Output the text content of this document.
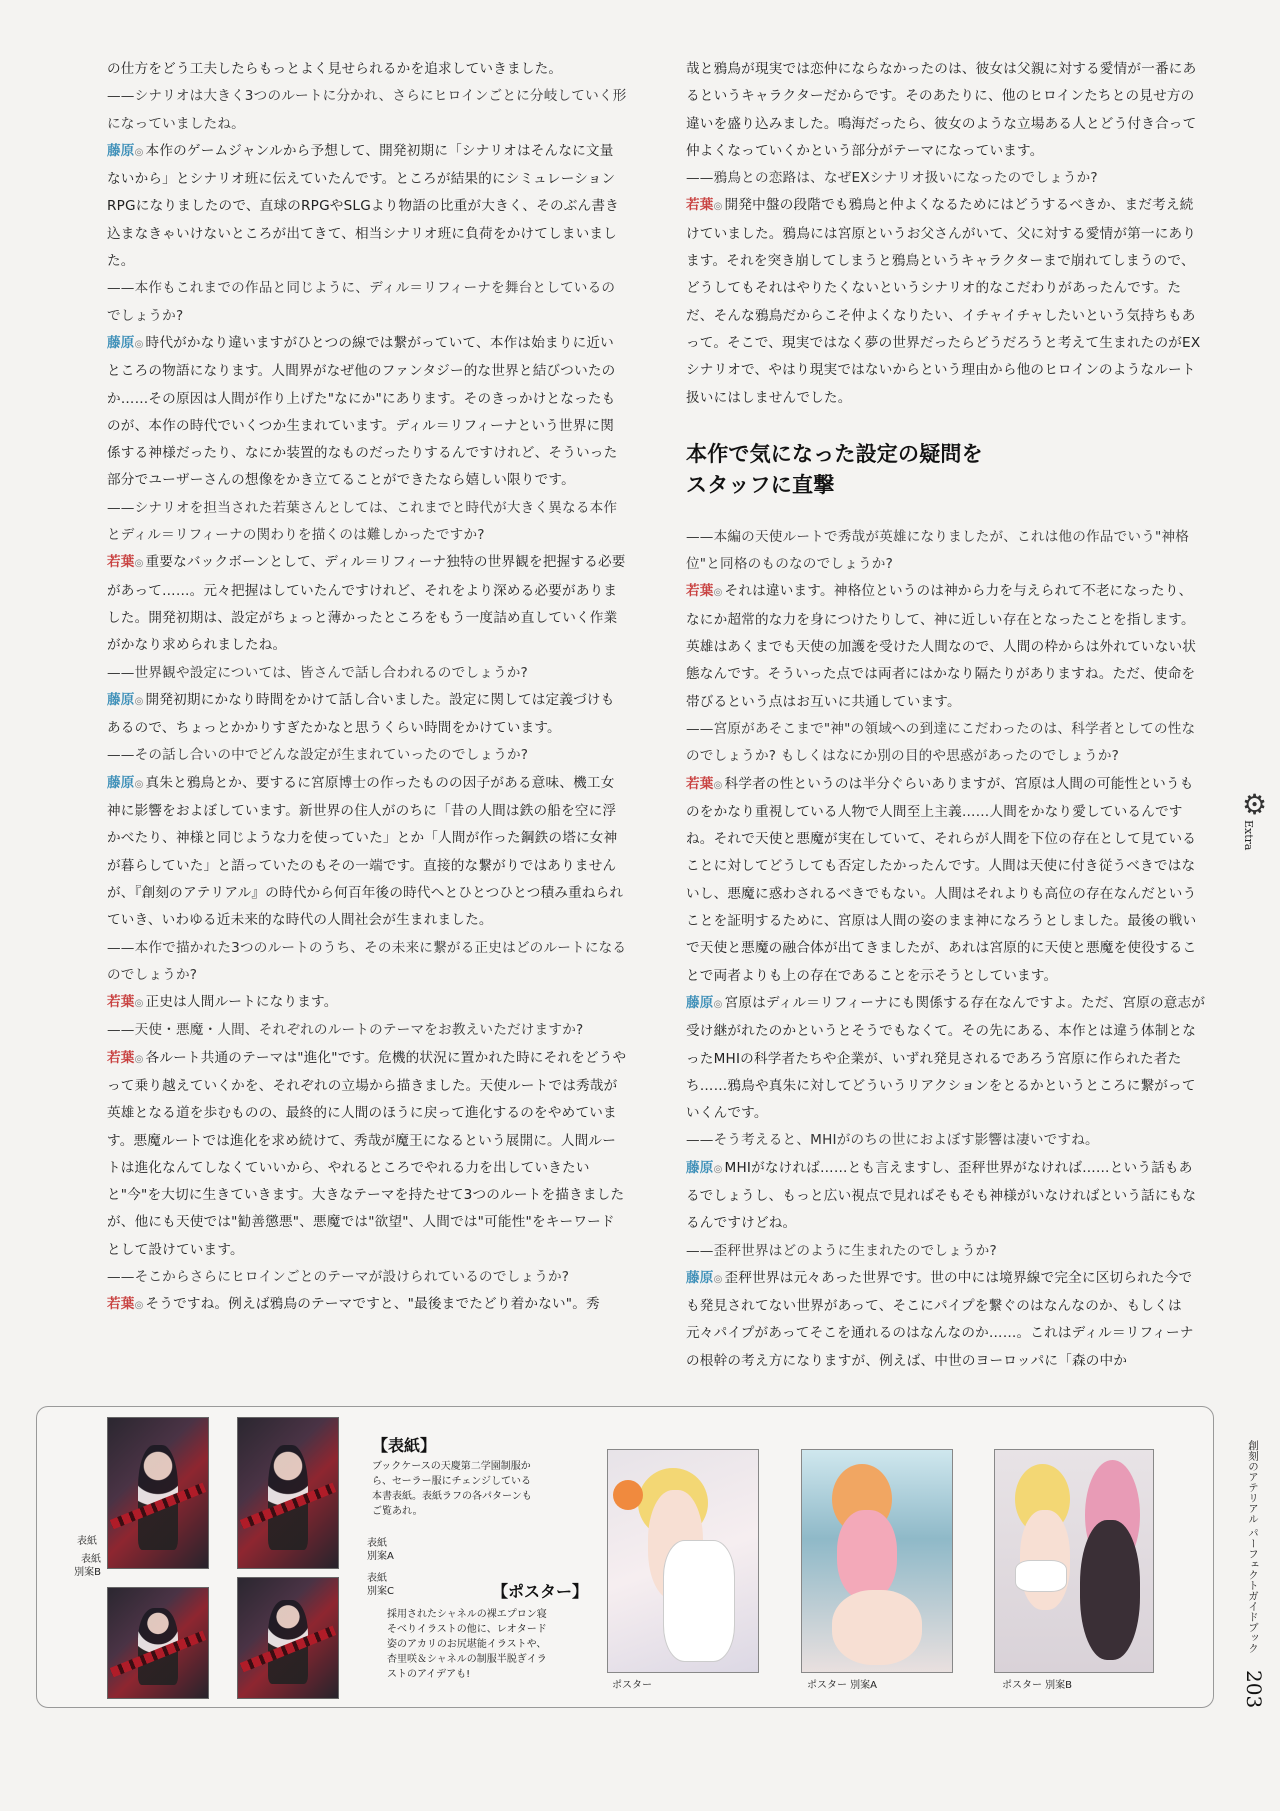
の仕方をどう工夫したらもっとよく見せられるかを追求していきました。

——シナリオは大きく3つのルートに分かれ、さらにヒロインごとに分岐していく形になっていましたね。

藤原◎ 本作のゲームジャンルから予想して、開発初期に「シナリオはそんなに文量ないから」とシナリオ班に伝えていたんです。ところが結果的にシミュレーションRPGになりましたので、直球のRPGやSLGより物語の比重が大きく、そのぶん書き込まなきゃいけないところが出てきて、相当シナリオ班に負荷をかけてしまいました。

——本作もこれまでの作品と同じように、ディル＝リフィーナを舞台としているのでしょうか?

藤原◎ 時代がかなり違いますがひとつの線では繋がっていて、本作は始まりに近いところの物語になります。人間界がなぜ他のファンタジー的な世界と結びついたのか……その原因は人間が作り上げた"なにか"にあります。そのきっかけとなったものが、本作の時代でいくつか生まれています。ディル＝リフィーナという世界に関係する神様だったり、なにか装置的なものだったりするんですけれど、そういった部分でユーザーさんの想像をかき立てることができたなら嬉しい限りです。

——シナリオを担当された若葉さんとしては、これまでと時代が大きく異なる本作とディル＝リフィーナの関わりを描くのは難しかったですか?

若葉◎ 重要なバックボーンとして、ディル＝リフィーナ独特の世界観を把握する必要があって……。元々把握はしていたんですけれど、それをより深める必要がありました。開発初期は、設定がちょっと薄かったところをもう一度詰め直していく作業がかなり求められましたね。

——世界観や設定については、皆さんで話し合われるのでしょうか?

藤原◎ 開発初期にかなり時間をかけて話し合いました。設定に関しては定義づけもあるので、ちょっとかかりすぎたかなと思うくらい時間をかけています。

——その話し合いの中でどんな設定が生まれていったのでしょうか?

藤原◎ 真朱と鴉鳥とか、要するに宮原博士の作ったものの因子がある意味、機工女神に影響をおよぼしています。新世界の住人がのちに「昔の人間は鉄の船を空に浮かべたり、神様と同じような力を使っていた」とか「人間が作った鋼鉄の塔に女神が暮らしていた」と語っていたのもその一端です。直接的な繋がりではありませんが、『創刻のアテリアル』の時代から何百年後の時代へとひとつひとつ積み重ねられていき、いわゆる近未来的な時代の人間社会が生まれました。

——本作で描かれた3つのルートのうち、その未来に繋がる正史はどのルートになるのでしょうか?

若葉◎ 正史は人間ルートになります。

——天使・悪魔・人間、それぞれのルートのテーマをお教えいただけますか?

若葉◎ 各ルート共通のテーマは"進化"です。危機的状況に置かれた時にそれをどうやって乗り越えていくかを、それぞれの立場から描きました。天使ルートでは秀哉が英雄となる道を歩むものの、最終的に人間のほうに戻って進化するのをやめています。悪魔ルートでは進化を求め続けて、秀哉が魔王になるという展開に。人間ルートは進化なんてしなくていいから、やれるところでやれる力を出していきたいと"今"を大切に生きていきます。大きなテーマを持たせて3つのルートを描きましたが、他にも天使では"勧善懲悪"、悪魔では"欲望"、人間では"可能性"をキーワードとして設けています。

——そこからさらにヒロインごとのテーマが設けられているのでしょうか?

若葉◎ そうですね。例えば鴉鳥のテーマですと、"最後までたどり着かない"。秀

哉と鴉鳥が現実では恋仲にならなかったのは、彼女は父親に対する愛情が一番にあるというキャラクターだからです。そのあたりに、他のヒロインたちとの見せ方の違いを盛り込みました。鳴海だったら、彼女のような立場ある人とどう付き合って仲よくなっていくかという部分がテーマになっています。

——鴉鳥との恋路は、なぜEXシナリオ扱いになったのでしょうか?

若葉◎ 開発中盤の段階でも鴉鳥と仲よくなるためにはどうするべきか、まだ考え続けていました。鴉鳥には宮原というお父さんがいて、父に対する愛情が第一にあります。それを突き崩してしまうと鴉鳥というキャラクターまで崩れてしまうので、どうしてもそれはやりたくないというシナリオ的なこだわりがあったんです。ただ、そんな鴉鳥だからこそ仲よくなりたい、イチャイチャしたいという気持ちもあって。そこで、現実ではなく夢の世界だったらどうだろうと考えて生まれたのがEXシナリオで、やはり現実ではないからという理由から他のヒロインのようなルート扱いにはしませんでした。

本作で気になった設定の疑問を
スタッフに直撃

——本編の天使ルートで秀哉が英雄になりましたが、これは他の作品でいう"神格位"と同格のものなのでしょうか?

若葉◎ それは違います。神格位というのは神から力を与えられて不老になったり、なにか超常的な力を身につけたりして、神に近しい存在となったことを指します。英雄はあくまでも天使の加護を受けた人間なので、人間の枠からは外れていない状態なんです。そういった点では両者にはかなり隔たりがありますね。ただ、使命を帯びるという点はお互いに共通しています。

——宮原があそこまで"神"の領域への到達にこだわったのは、科学者としての性なのでしょうか? もしくはなにか別の目的や思惑があったのでしょうか?

若葉◎ 科学者の性というのは半分ぐらいありますが、宮原は人間の可能性というものをかなり重視している人物で人間至上主義……人間をかなり愛しているんですね。それで天使と悪魔が実在していて、それらが人間を下位の存在として見ていることに対してどうしても否定したかったんです。人間は天使に付き従うべきではないし、悪魔に惑わされるべきでもない。人間はそれよりも高位の存在なんだということを証明するために、宮原は人間の姿のまま神になろうとしました。最後の戦いで天使と悪魔の融合体が出てきましたが、あれは宮原的に天使と悪魔を使役することで両者よりも上の存在であることを示そうとしています。

藤原◎ 宮原はディル＝リフィーナにも関係する存在なんですよ。ただ、宮原の意志が受け継がれたのかというとそうでもなくて。その先にある、本作とは違う体制となったMHIの科学者たちや企業が、いずれ発見されるであろう宮原に作られた者たち……鴉鳥や真朱に対してどういうリアクションをとるかというところに繋がっていくんです。

——そう考えると、MHIがのちの世におよぼす影響は凄いですね。

藤原◎ MHIがなければ……とも言えますし、歪秤世界がなければ……という話もあるでしょうし、もっと広い視点で見ればそもそも神様がいなければという話にもなるんですけどね。

——歪秤世界はどのように生まれたのでしょうか?

藤原◎ 歪秤世界は元々あった世界です。世の中には境界線で完全に区切られた今でも発見されてない世界があって、そこにパイプを繋ぐのはなんなのか、もしくは元々パイプがあってそこを通れるのはなんなのか……。これはディル＝リフィーナの根幹の考え方になりますが、例えば、中世のヨーロッパに「森の中か

⚙
Extra
創刻のアテリアル パーフェクトガイドブック
203
表紙
表紙
別案B
表紙
別案A
表紙
別案C
【表紙】
ブックケースの天慶第二学園制服から、セーラー服にチェンジしている本書表紙。表紙ラフの各パターンもご覧あれ。
【ポスター】
採用されたシャネルの裸エプロン寝そべりイラストの他に、レオタード姿のアカリのお尻堪能イラストや、杏里咲＆シャネルの制服半脱ぎイラストのアイデアも!
ポスター	ポスター 別案A	ポスター 別案B
